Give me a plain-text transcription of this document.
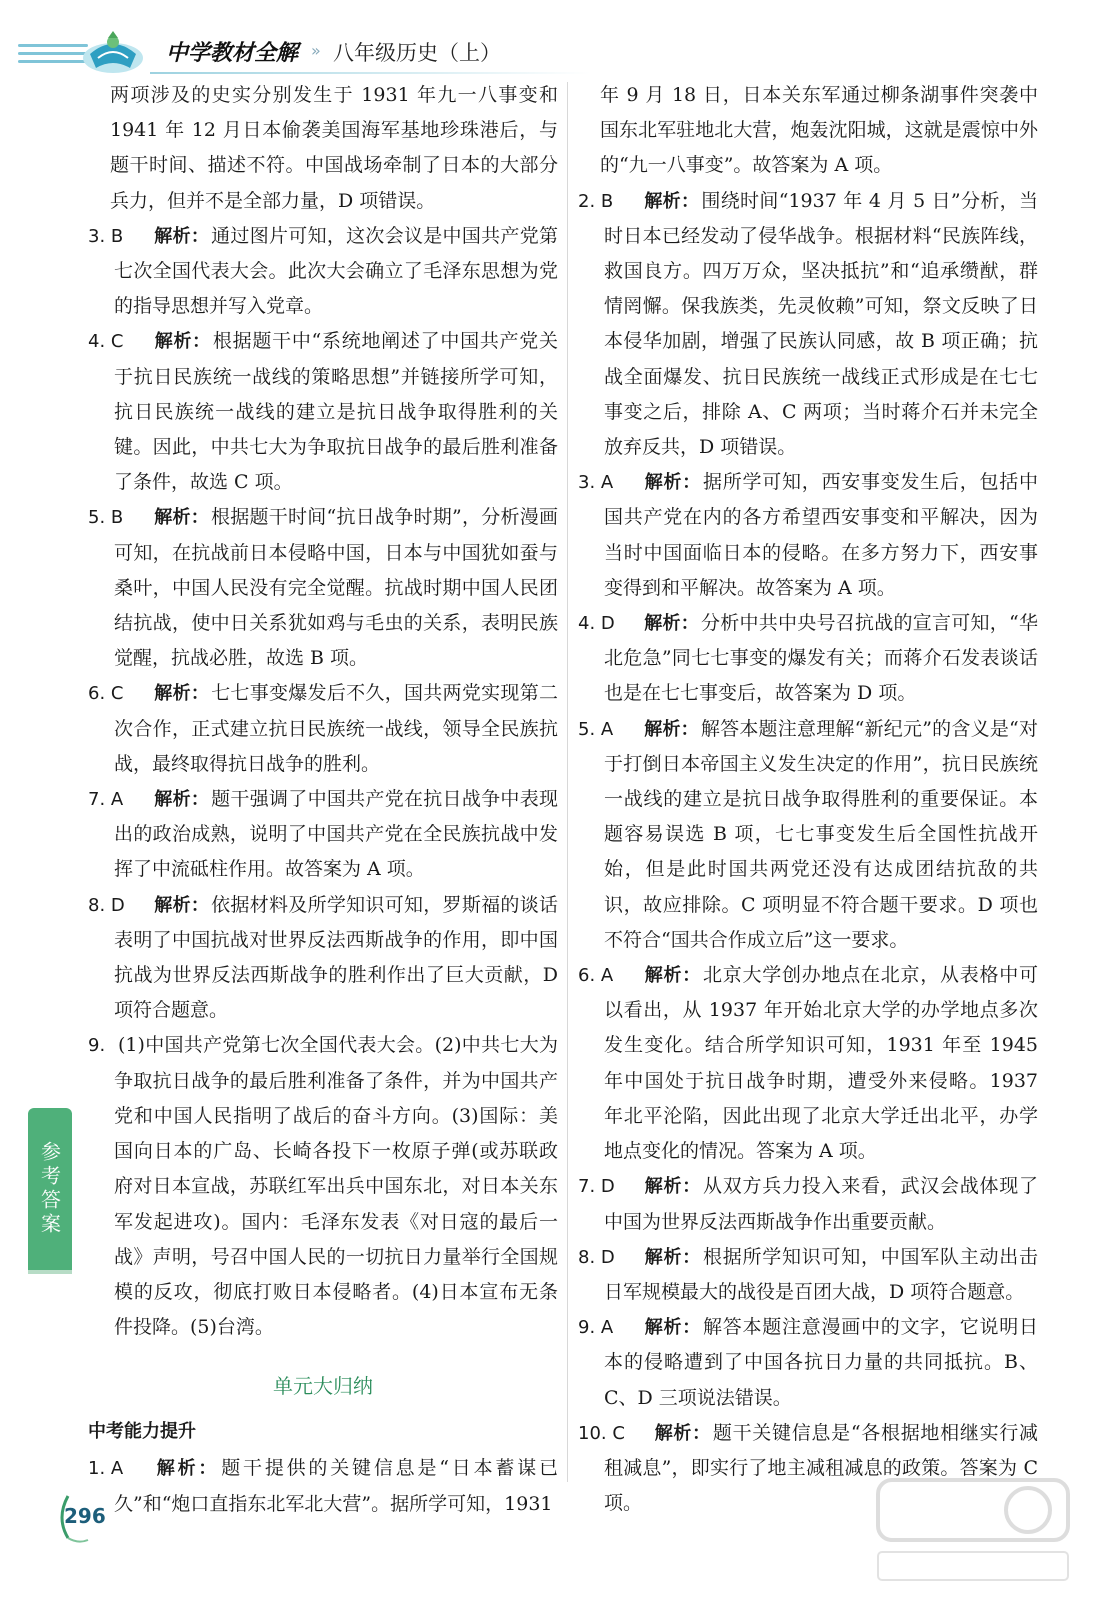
中学教材全解 » 八年级历史（上）

两项涉及的史实分别发生于 1931 年九一八事变和 1941 年 12 月日本偷袭美国海军基地珍珠港后，与题干时间、描述不符。中国战场牵制了日本的大部分兵力，但并不是全部力量，D 项错误。

3. B 解析： 通过图片可知，这次会议是中国共产党第七次全国代表大会。此次大会确立了毛泽东思想为党的指导思想并写入党章。

4. C 解析： 根据题干中“系统地阐述了中国共产党关于抗日民族统一战线的策略思想”并链接所学可知，抗日民族统一战线的建立是抗日战争取得胜利的关键。因此，中共七大为争取抗日战争的最后胜利准备了条件，故选 C 项。

5. B 解析： 根据题干时间“抗日战争时期”，分析漫画可知，在抗战前日本侵略中国，日本与中国犹如蚕与桑叶，中国人民没有完全觉醒。抗战时期中国人民团结抗战，使中日关系犹如鸡与毛虫的关系，表明民族觉醒，抗战必胜，故选 B 项。

6. C 解析： 七七事变爆发后不久，国共两党实现第二次合作，正式建立抗日民族统一战线，领导全民族抗战，最终取得抗日战争的胜利。

7. A 解析： 题干强调了中国共产党在抗日战争中表现出的政治成熟，说明了中国共产党在全民族抗战中发挥了中流砥柱作用。故答案为 A 项。

8. D 解析： 依据材料及所学知识可知，罗斯福的谈话表明了中国抗战对世界反法西斯战争的作用，即中国抗战为世界反法西斯战争的胜利作出了巨大贡献，D 项符合题意。

9. (1)中国共产党第七次全国代表大会。(2)中共七大为争取抗日战争的最后胜利准备了条件，并为中国共产党和中国人民指明了战后的奋斗方向。(3)国际：美国向日本的广岛、长崎各投下一枚原子弹(或苏联政府对日本宣战，苏联红军出兵中国东北，对日本关东军发起进攻)。国内：毛泽东发表《对日寇的最后一战》声明，号召中国人民的一切抗日力量举行全国规模的反攻，彻底打败日本侵略者。(4)日本宣布无条件投降。(5)台湾。

单元大归纳
中考能力提升

1. A 解析： 题干提供的关键信息是“日本蓄谋已久”和“炮口直指东北军北大营”。据所学可知，1931

年 9 月 18 日，日本关东军通过柳条湖事件突袭中国东北军驻地北大营，炮轰沈阳城，这就是震惊中外的“九一八事变”。故答案为 A 项。

2. B 解析： 围绕时间“1937 年 4 月 5 日”分析，当时日本已经发动了侵华战争。根据材料“民族阵线，救国良方。四万万众，坚决抵抗”和“追承缵猷，群情罔懈。保我族类，先灵攸赖”可知，祭文反映了日本侵华加剧，增强了民族认同感，故 B 项正确；抗战全面爆发、抗日民族统一战线正式形成是在七七事变之后，排除 A、C 两项；当时蒋介石并未完全放弃反共，D 项错误。

3. A 解析： 据所学可知，西安事变发生后，包括中国共产党在内的各方希望西安事变和平解决，因为当时中国面临日本的侵略。在多方努力下，西安事变得到和平解决。故答案为 A 项。

4. D 解析： 分析中共中央号召抗战的宣言可知，“华北危急”同七七事变的爆发有关；而蒋介石发表谈话也是在七七事变后，故答案为 D 项。

5. A 解析： 解答本题注意理解“新纪元”的含义是“对于打倒日本帝国主义发生决定的作用”，抗日民族统一战线的建立是抗日战争取得胜利的重要保证。本题容易误选 B 项，七七事变发生后全国性抗战开始，但是此时国共两党还没有达成团结抗敌的共识，故应排除。C 项明显不符合题干要求。D 项也不符合“国共合作成立后”这一要求。

6. A 解析： 北京大学创办地点在北京，从表格中可以看出，从 1937 年开始北京大学的办学地点多次发生变化。结合所学知识可知，1931 年至 1945 年中国处于抗日战争时期，遭受外来侵略。1937 年北平沦陷，因此出现了北京大学迁出北平，办学地点变化的情况。答案为 A 项。

7. D 解析： 从双方兵力投入来看，武汉会战体现了中国为世界反法西斯战争作出重要贡献。

8. D 解析： 根据所学知识可知，中国军队主动出击日军规模最大的战役是百团大战，D 项符合题意。

9. A 解析： 解答本题注意漫画中的文字，它说明日本的侵略遭到了中国各抗日力量的共同抵抗。B、C、D 三项说法错误。

10. C 解析： 题干关键信息是“各根据地相继实行减租减息”，即实行了地主减租减息的政策。答案为 C 项。

参考答案
296
